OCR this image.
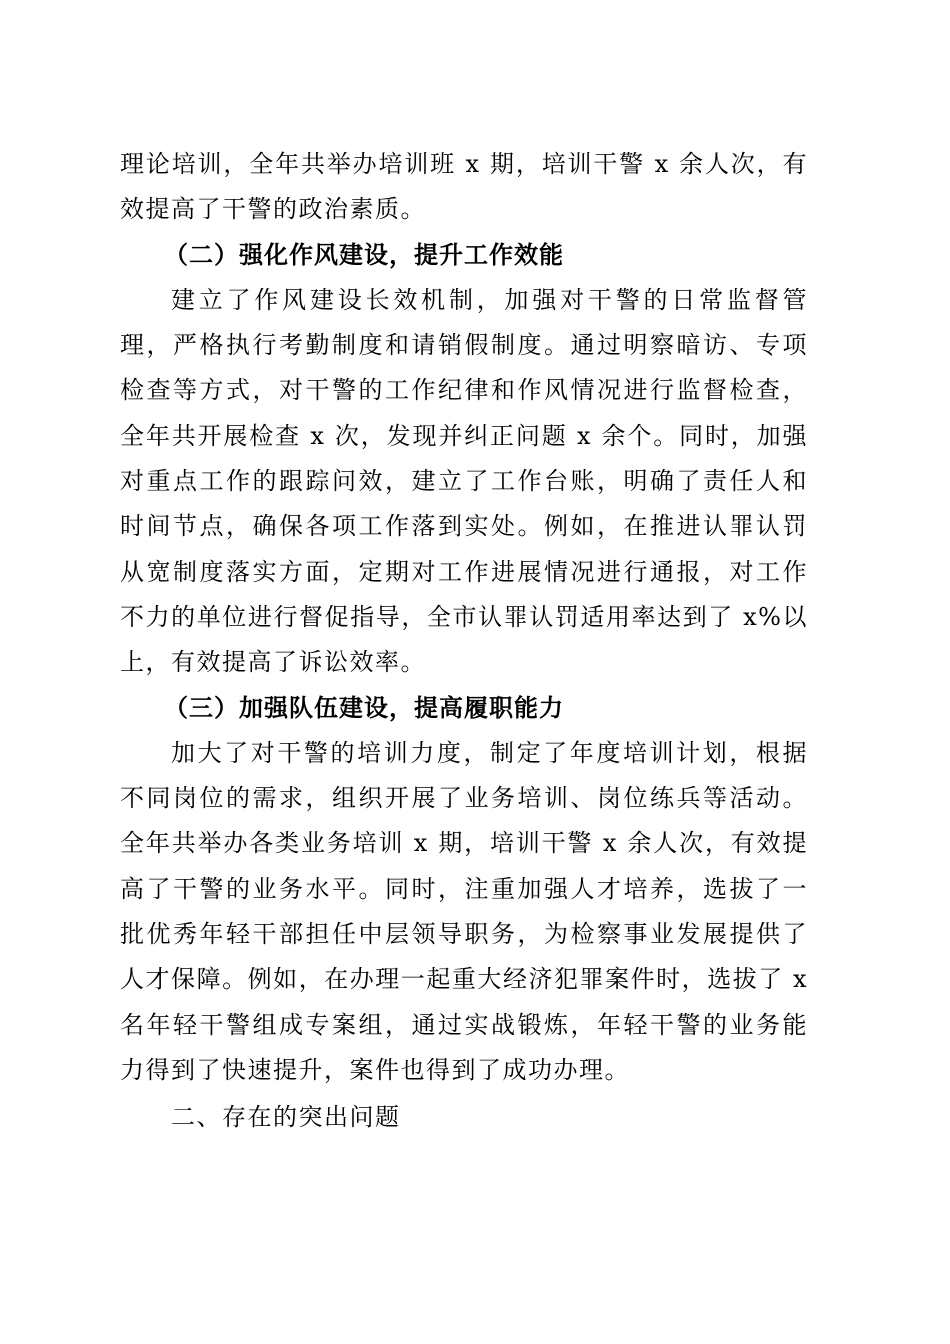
理论培训，全年共举办培训班 x 期，培训干警 x 余人次，有效提高了干警的政治素质。

（二）强化作风建设，提升工作效能

建立了作风建设长效机制，加强对干警的日常监督管理，严格执行考勤制度和请销假制度。通过明察暗访、专项检查等方式，对干警的工作纪律和作风情况进行监督检查，全年共开展检查 x 次，发现并纠正问题 x 余个。同时，加强对重点工作的跟踪问效，建立了工作台账，明确了责任人和时间节点，确保各项工作落到实处。例如，在推进认罪认罚从宽制度落实方面，定期对工作进展情况进行通报，对工作不力的单位进行督促指导，全市认罪认罚适用率达到了 x%以上，有效提高了诉讼效率。

（三）加强队伍建设，提高履职能力

加大了对干警的培训力度，制定了年度培训计划，根据不同岗位的需求，组织开展了业务培训、岗位练兵等活动。全年共举办各类业务培训 x 期，培训干警 x 余人次，有效提高了干警的业务水平。同时，注重加强人才培养，选拔了一批优秀年轻干部担任中层领导职务，为检察事业发展提供了人才保障。例如，在办理一起重大经济犯罪案件时，选拔了 x 名年轻干警组成专案组，通过实战锻炼，年轻干警的业务能力得到了快速提升，案件也得到了成功办理。

二、存在的突出问题
